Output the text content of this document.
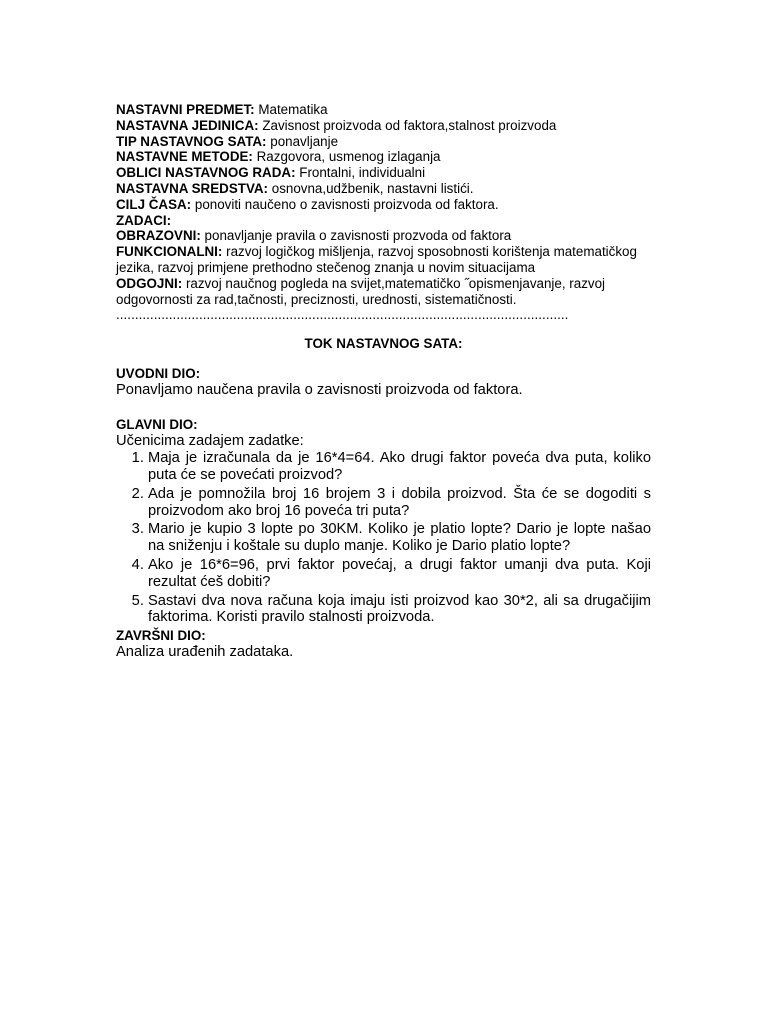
NASTAVNI PREDMET: Matematika
NASTAVNA JEDINICA: Zavisnost proizvoda od faktora,stalnost proizvoda
TIP NASTAVNOG SATA: ponavljanje
NASTAVNE METODE: Razgovora, usmenog izlaganja
OBLICI NASTAVNOG RADA: Frontalni, individualni
NASTAVNA SREDSTVA: osnovna,udžbenik, nastavni listići.
CILJ ČASA: ponoviti naučeno o zavisnosti proizvoda od faktora.
ZADACI:
OBRAZOVNI: ponavljanje pravila o zavisnosti prozvoda od faktora
FUNKCIONALNI: razvoj logičkog mišljenja, razvoj sposobnosti korištenja matematičkog jezika, razvoj primjene prethodno stečenog znanja u novim situacijama
ODGOJNI: razvoj naučnog pogleda na svijet,matematičko ˝opismenjavanje, razvoj odgovornosti za rad,tačnosti, preciznosti, urednosti, sistematičnosti.
........................................................................................................................
TOK NASTAVNOG SATA:
UVODNI DIO:
Ponavljamo naučena pravila o zavisnosti proizvoda od faktora.
GLAVNI DIO:
Učenicima zadajem zadatke:
1. Maja je izračunala da je 16*4=64. Ako drugi faktor poveća dva puta, koliko puta će se povećati proizvod?
2. Ada je pomnožila broj 16 brojem 3 i dobila proizvod. Šta će se dogoditi s proizvodom ako broj 16 poveća tri puta?
3. Mario je kupio 3 lopte po 30KM. Koliko je platio lopte? Dario je lopte našao na sniženju i koštale su duplo manje. Koliko je Dario platio lopte?
4. Ako je 16*6=96, prvi faktor povećaj, a drugi faktor umanji dva puta. Koji rezultat ćeš dobiti?
5. Sastavi dva nova računa koja imaju isti proizvod kao 30*2, ali sa drugačijim faktorima. Koristi pravilo stalnosti proizvoda.
ZAVRŠNI DIO:
Analiza urađenih zadataka.
